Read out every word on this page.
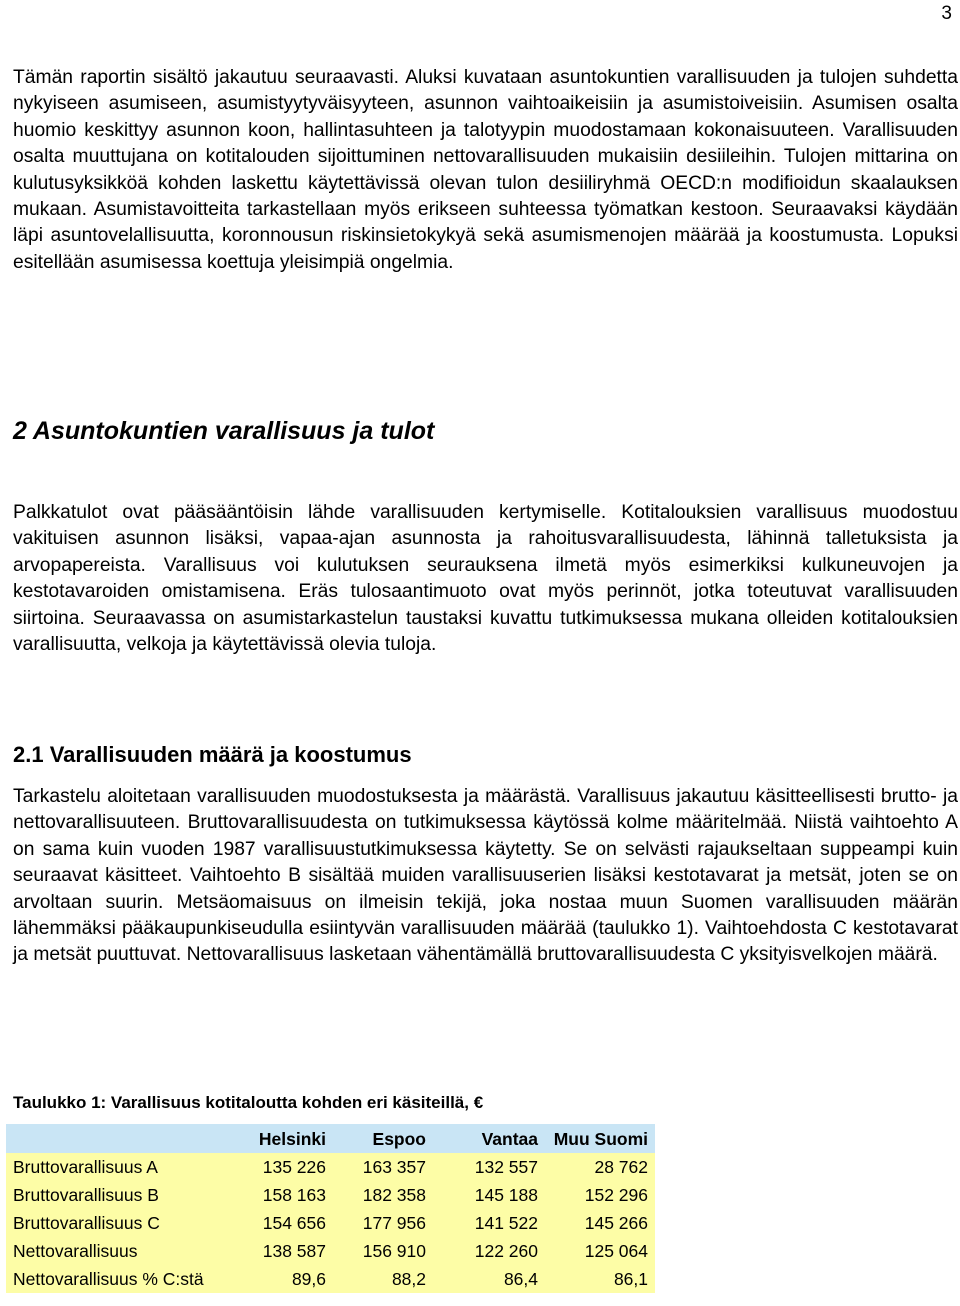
3

Tämän raportin sisältö jakautuu seuraavasti. Aluksi kuvataan asuntokuntien varallisuuden ja tulojen suhdetta nykyiseen asumiseen, asumistyytyväisyyteen, asunnon vaihtoaikeisiin ja asumistoiveisiin. Asumisen osalta huomio keskittyy asunnon koon, hallintasuhteen ja talotyypin muodostamaan kokonaisuuteen. Varallisuuden osalta muuttujana on kotitalouden sijoittuminen nettovarallisuuden mukaisiin desiileihin. Tulojen mittarina on kulutusyksikköä kohden laskettu käytettävissä olevan tulon desiiliryhmä OECD:n modifioidun skaalauksen mukaan. Asumistavoitteita tarkastellaan myös erikseen suhteessa työmatkan kestoon. Seuraavaksi käydään läpi asuntovelallisuutta, koronnousun riskinsietokykyä sekä asumismenojen määrää ja koostumusta. Lopuksi esitellään asumisessa koettuja yleisimpiä ongelmia.

2 Asuntokuntien varallisuus ja tulot

Palkkatulot ovat pääsääntöisin lähde varallisuuden kertymiselle. Kotitalouksien varallisuus muodostuu vakituisen asunnon lisäksi, vapaa-ajan asunnosta ja rahoitusvarallisuudesta, lähinnä talletuksista ja arvopapereista. Varallisuus voi kulutuksen seurauksena ilmetä myös esimerkiksi kulkuneuvojen ja kestotavaroiden omistamisena. Eräs tulosaantimuoto ovat myös perinnöt, jotka toteutuvat varallisuuden siirtoina. Seuraavassa on asumistarkastelun taustaksi kuvattu tutkimuksessa mukana olleiden kotitalouksien varallisuutta, velkoja ja käytettävissä olevia tuloja.

2.1 Varallisuuden määrä ja koostumus

Tarkastelu aloitetaan varallisuuden muodostuksesta ja määrästä. Varallisuus jakautuu käsitteellisesti brutto- ja nettovarallisuuteen. Bruttovarallisuudesta on tutkimuksessa käytössä kolme määritelmää. Niistä vaihtoehto A on sama kuin vuoden 1987 varallisuustutkimuksessa käytetty. Se on selvästi rajaukseltaan suppeampi kuin seuraavat käsitteet. Vaihtoehto B sisältää muiden varallisuuserien lisäksi kestotavarat ja metsät, joten se on arvoltaan suurin. Metsäomaisuus on ilmeisin tekijä, joka nostaa muun Suomen varallisuuden määrän lähemmäksi pääkaupunkiseudulla esiintyvän varallisuuden määrää (taulukko 1). Vaihtoehdosta C kestotavarat ja metsät puuttuvat. Nettovarallisuus lasketaan vähentämällä bruttovarallisuudesta C yksityisvelkojen määrä.

Taulukko 1: Varallisuus kotitaloutta kohden eri käsiteillä, €
	Helsinki	Espoo	Vantaa	Muu Suomi
Bruttovarallisuus A	135 226	163 357	132 557	28 762
Bruttovarallisuus B	158 163	182 358	145 188	152 296
Bruttovarallisuus C	154 656	177 956	141 522	145 266
Nettovarallisuus	138 587	156 910	122 260	125 064
Nettovarallisuus % C:stä	89,6	88,2	86,4	86,1
